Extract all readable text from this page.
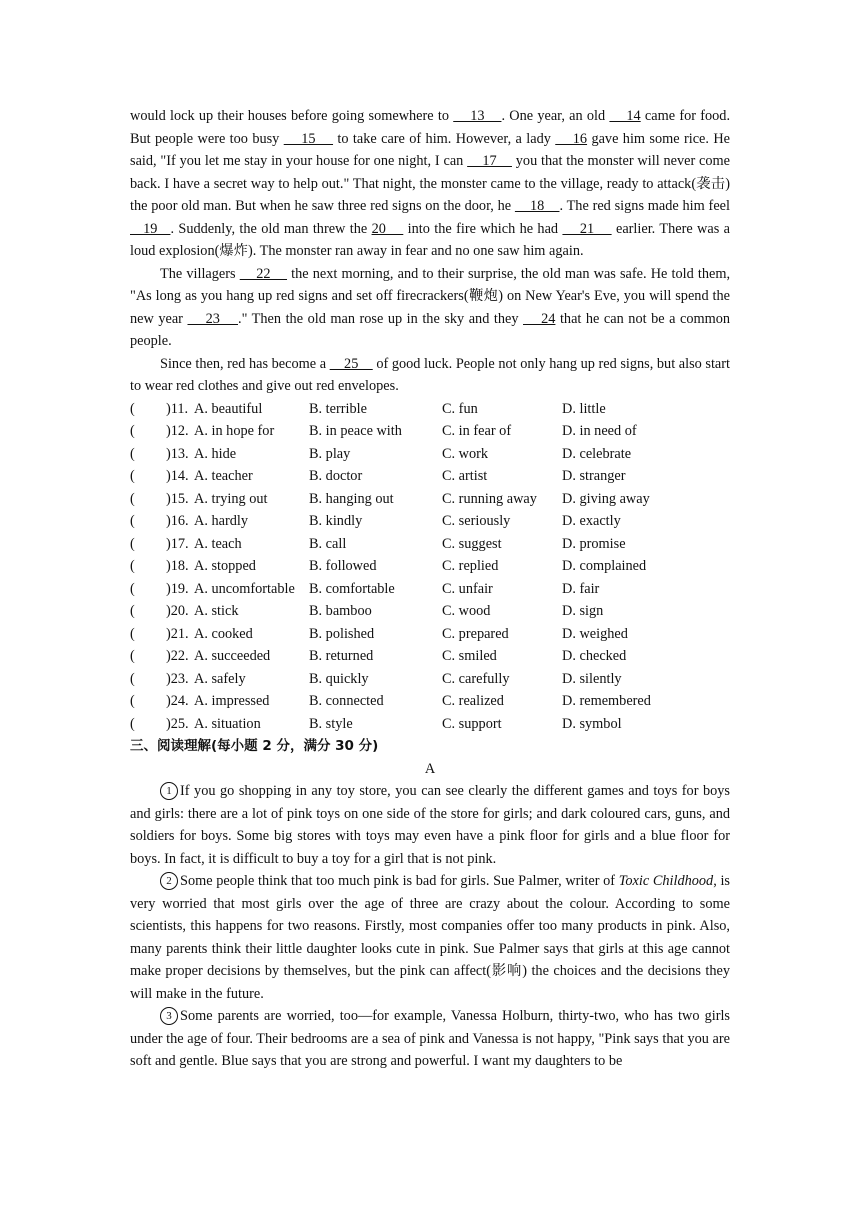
would lock up their houses before going somewhere to     13    . One year, an old     14 came for food. But people were too busy     15     to take care of him. However, a lady     16 gave him some rice. He said, "If you let me stay in your house for one night, I can     17     you that the monster will never come back. I have a secret way to help out." That night, the monster came to the village, ready to attack(袭击) the poor old man. But when he saw three red signs on the door, he     18    . The red signs made him feel    19   . Suddenly, the old man threw the 20     into the fire which he had     21     earlier. There was a loud explosion(爆炸). The monster ran away in fear and no one saw him again.

The villagers     22     the next morning, and to their surprise, the old man was safe. He told them, "As long as you hang up red signs and set off firecrackers(鞭炮) on New Year's Eve, you will spend the new year     23    ." Then the old man rose up in the sky and they     24 that he can not be a common people.

Since then, red has become a     25     of good luck. People not only hang up red signs, but also start to wear red clothes and give out red envelopes.

(	)11. A. beautiful	B. terrible	C. fun	D. little
(	)12. A. in hope for	B. in peace with	C. in fear of	D. in need of
(	)13. A. hide	B. play	C. work	D. celebrate
(	)14. A. teacher	B. doctor	C. artist	D. stranger
(	)15. A. trying out	B. hanging out	C. running away	D. giving away
(	)16. A. hardly	B. kindly	C. seriously	D. exactly
(	)17. A. teach	B. call	C. suggest	D. promise
(	)18. A. stopped	B. followed	C. replied	D. complained
(	)19. A. uncomfortable B. comfortable	C. unfair	D. fair
(	)20. A. stick	B. bamboo	C. wood	D. sign
(	)21. A. cooked	B. polished	C. prepared	D. weighed
(	)22. A. succeeded	B. returned	C. smiled	D. checked
(	)23. A. safely	B. quickly	C. carefully	D. silently
(	)24. A. impressed	B. connected	C. realized	D. remembered
(	)25. A. situation	B. style	C. support	D. symbol
三、阅读理解(每小题 2 分，满分 30 分)
A

1 If you go shopping in any toy store, you can see clearly the different games and toys for boys and girls: there are a lot of pink toys on one side of the store for girls; and dark coloured cars, guns, and soldiers for boys. Some big stores with toys may even have a pink floor for girls and a blue floor for boys. In fact, it is difficult to buy a toy for a girl that is not pink.

2 Some people think that too much pink is bad for girls. Sue Palmer, writer of Toxic Childhood, is very worried that most girls over the age of three are crazy about the colour. According to some scientists, this happens for two reasons. Firstly, most companies offer too many products in pink. Also, many parents think their little daughter looks cute in pink. Sue Palmer says that girls at this age cannot make proper decisions by themselves, but the pink can affect(影响) the choices and the decisions they will make in the future.

3 Some parents are worried, too—for example, Vanessa Holburn, thirty-two, who has two girls under the age of four. Their bedrooms are a sea of pink and Vanessa is not happy, "Pink says that you are soft and gentle. Blue says that you are strong and powerful. I want my daughters to be
